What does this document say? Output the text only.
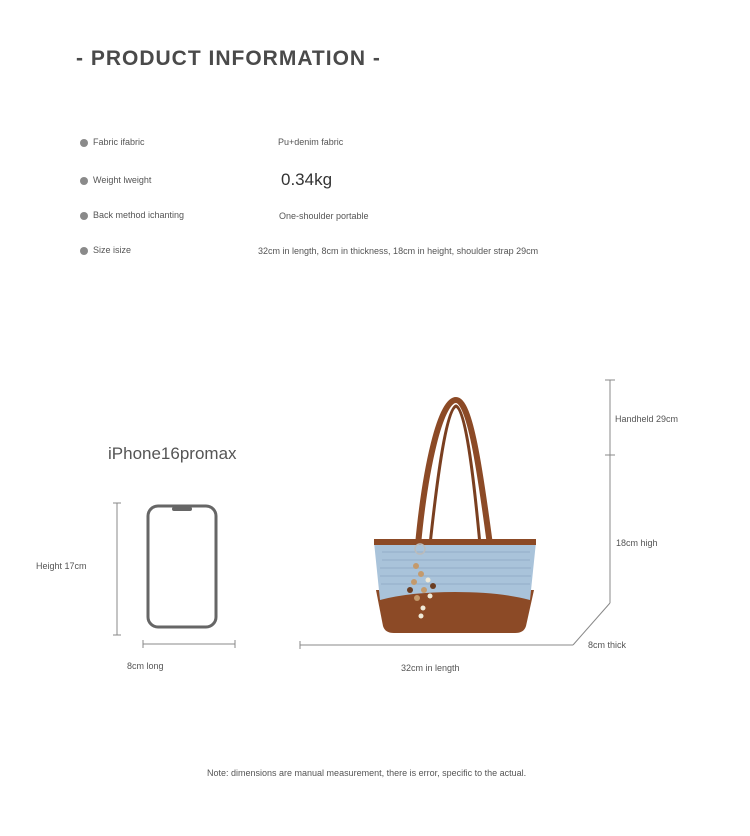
- PRODUCT INFORMATION -
Fabric ifabric	Pu+denim fabric
Weight lweight	0.34kg
Back method ichanting	One-shoulder portable
Size isize	32cm in length, 8cm in thickness, 18cm in height, shoulder strap 29cm
iPhone16promax
Height 17cm
8cm long
Handheld 29cm
18cm high
8cm thick
32cm in length
Note: dimensions are manual measurement, there is error, specific to the actual.
